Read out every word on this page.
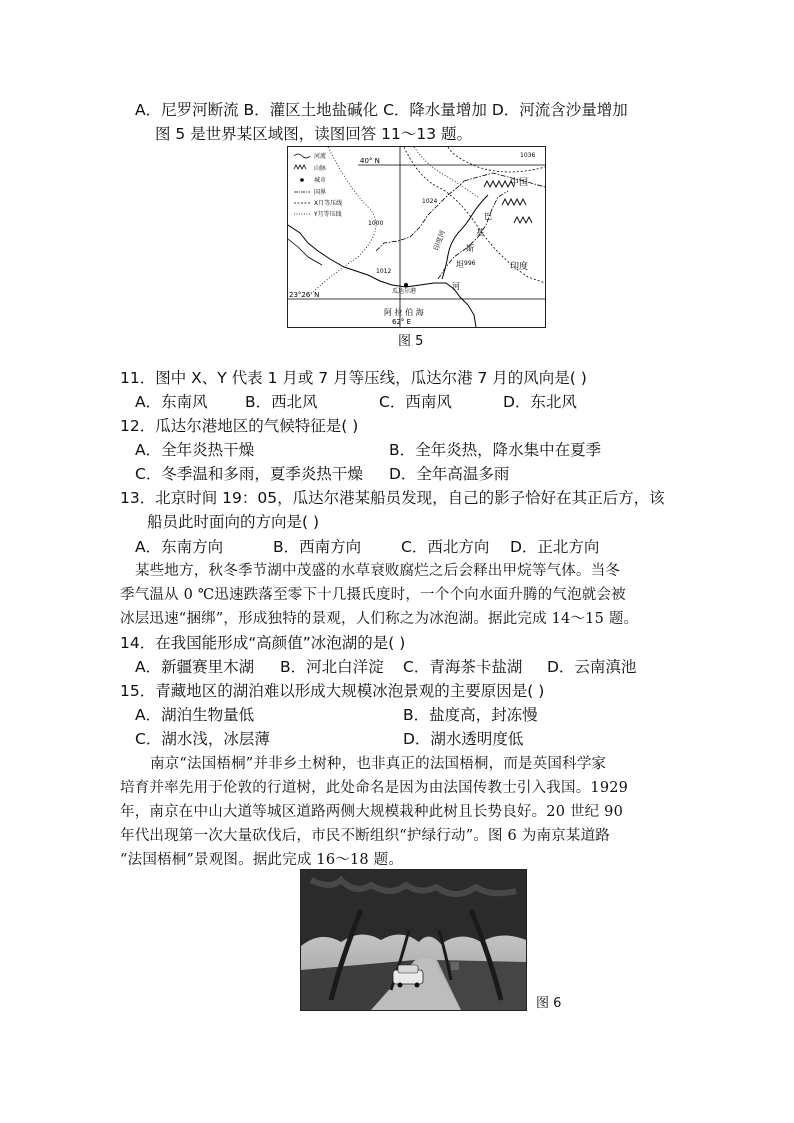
A．尼罗河断流 B．灌区土地盐碱化 C．降水量增加 D．河流含沙量增加
图 5 是世界某区域图，读图回答 11～13 题。
河流
山脉
城市
国界
X月等压线
Y月等压线
40° N
23°26′ N
62° E
1036
1024
1000
1012
996
瓜达尔港
中国
印度
巴
基
斯
坦
印度河
河
阿 拉 伯 海
图 5
11．图中 X、Y 代表 1 月或 7 月等压线，瓜达尔港 7 月的风向是( )
A．东南风 B．西北风	C．西南风	D．东北风
12．瓜达尔港地区的气候特征是( )
A．全年炎热干燥	B．全年炎热，降水集中在夏季
C．冬季温和多雨，夏季炎热干燥 D．全年高温多雨
13．北京时间 19：05，瓜达尔港某船员发现，自己的影子恰好在其正后方，该
船员此时面向的方向是( )
A．东南方向	B．西南方向	C．西北方向 D．正北方向
某些地方，秋冬季节湖中茂盛的水草衰败腐烂之后会释出甲烷等气体。当冬
季气温从 0 ℃迅速跌落至零下十几摄氏度时，一个个向水面升腾的气泡就会被
冰层迅速“捆绑”，形成独特的景观，人们称之为冰泡湖。据此完成 14～15 题。
14．在我国能形成“高颜值”冰泡湖的是( )
A．新疆赛里木湖 B．河北白洋淀 C．青海茶卡盐湖 D．云南滇池
15．青藏地区的湖泊难以形成大规模冰泡景观的主要原因是( )
A．湖泊生物量低	B．盐度高，封冻慢
C．湖水浅，冰层薄	D．湖水透明度低
南京“法国梧桐”并非乡土树种，也非真正的法国梧桐，而是英国科学家
培育并率先用于伦敦的行道树，此处命名是因为由法国传教士引入我国。1929
年，南京在中山大道等城区道路两侧大规模栽种此树且长势良好。20 世纪 90
年代出现第一次大量砍伐后，市民不断组织“护绿行动”。图 6 为南京某道路
“法国梧桐”景观图。据此完成 16～18 题。
图 6
